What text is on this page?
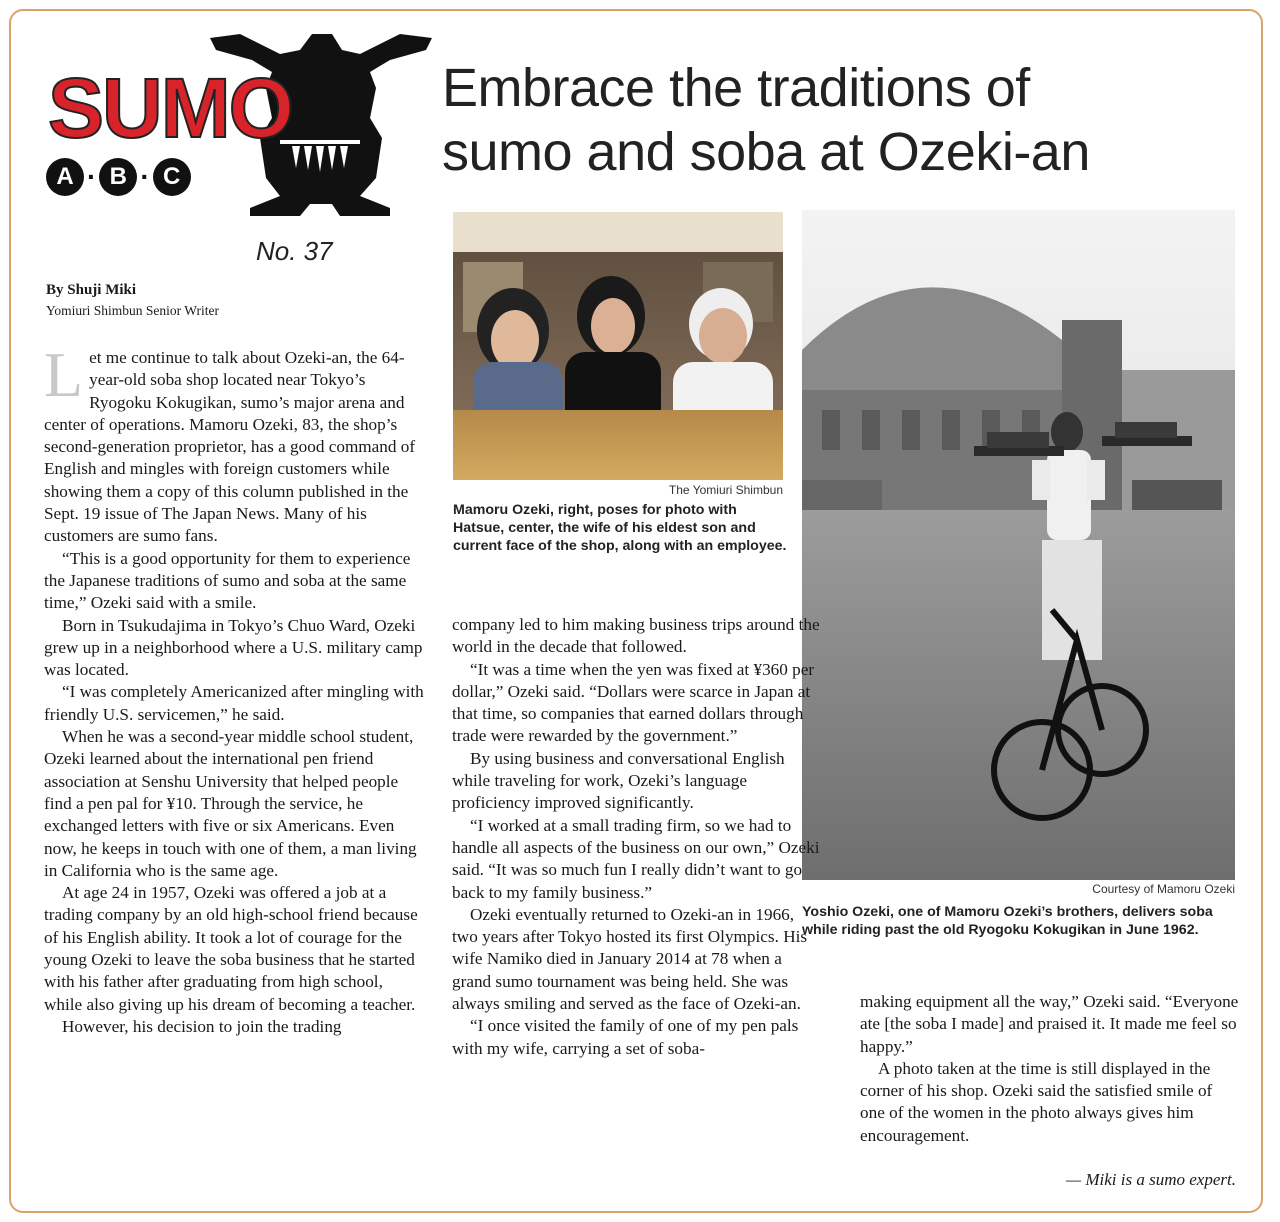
SUMO
A · B · C
No. 37
By Shuji Miki
Yomiuri Shimbun Senior Writer
Embrace the traditions of
sumo and soba at Ozeki-an
The Yomiuri Shimbun
Mamoru Ozeki, right, poses for photo with Hatsue, center, the wife of his eldest son and current face of the shop, along with an employee.
Courtesy of Mamoru Ozeki
Yoshio Ozeki, one of Mamoru Ozeki’s brothers, delivers soba while riding past the old Ryogoku Kokugikan in June 1962.

Let me continue to talk about Ozeki-an, the 64-year-old soba shop located near Tokyo’s Ryogoku Kokugikan, sumo’s major arena and center of operations. Mamoru Ozeki, 83, the shop’s second-generation proprietor, has a good command of English and mingles with foreign customers while showing them a copy of this column published in the Sept. 19 issue of The Japan News. Many of his customers are sumo fans.

“This is a good opportunity for them to experience the Japanese traditions of sumo and soba at the same time,” Ozeki said with a smile.

Born in Tsukudajima in Tokyo’s Chuo Ward, Ozeki grew up in a neighborhood where a U.S. military camp was located.

“I was completely Americanized after mingling with friendly U.S. servicemen,” he said.

When he was a second-year middle school student, Ozeki learned about the international pen friend association at Senshu University that helped people find a pen pal for ¥10. Through the service, he exchanged letters with five or six Americans. Even now, he keeps in touch with one of them, a man living in California who is the same age.

At age 24 in 1957, Ozeki was offered a job at a trading company by an old high-school friend because of his English ability. It took a lot of courage for the young Ozeki to leave the soba business that he started with his father after graduating from high school, while also giving up his dream of becoming a teacher.

However, his decision to join the trading

company led to him making business trips around the world in the decade that followed.

“It was a time when the yen was fixed at ¥360 per dollar,” Ozeki said. “Dollars were scarce in Japan at that time, so companies that earned dollars through trade were rewarded by the government.”

By using business and conversational English while traveling for work, Ozeki’s language proficiency improved significantly.

“I worked at a small trading firm, so we had to handle all aspects of the business on our own,” Ozeki said. “It was so much fun I really didn’t want to go back to my family business.”

Ozeki eventually returned to Ozeki-an in 1966, two years after Tokyo hosted its first Olympics. His wife Namiko died in January 2014 at 78 when a grand sumo tournament was being held. She was always smiling and served as the face of Ozeki-an.

“I once visited the family of one of my pen pals with my wife, carrying a set of soba-

making equipment all the way,” Ozeki said. “Everyone ate [the soba I made] and praised it. It made me feel so happy.”

A photo taken at the time is still displayed in the corner of his shop. Ozeki said the satisfied smile of one of the women in the photo always gives him encouragement.

— Miki is a sumo expert.
